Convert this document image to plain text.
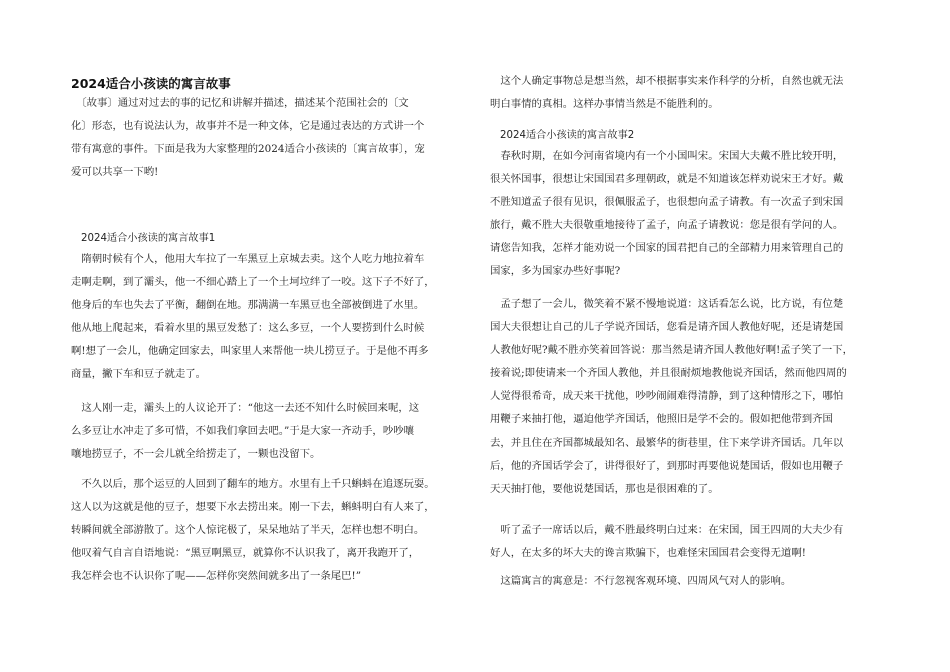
2024适合小孩读的寓言故事
　〔故事〕通过对过去的事的记忆和讲解并描述，描述某个范围社会的〔文
化〕形态，也有说法认为，故事并不是一种文体，它是通过表达的方式讲一个
带有寓意的事件。下面是我为大家整理的2024适合小孩读的〔寓言故事〕，宠
爱可以共享一下哟!
2024适合小孩读的寓言故事1
　隋朝时候有个人，他用大车拉了一车黑豆上京城去卖。这个人吃力地拉着车
走啊走啊，到了灞头，他一不细心踏上了一个土坷垃绊了一咬。这下子不好了，
他身后的车也失去了平衡，翻倒在地。那满满一车黑豆也全部被倒进了水里。
他从地上爬起来，看着水里的黑豆发愁了：这么多豆，一个人要捞到什么时候
啊!想了一会儿，他确定回家去，叫家里人来帮他一块儿捞豆子。于是他不再多
商量，撇下车和豆子就走了。
　这人刚一走，灞头上的人议论开了：“他这一去还不知什么时候回来呢，这
么多豆让水冲走了多可惜，不如我们拿回去吧。”于是大家一齐动手，吵吵嚷
嚷地捞豆子，不一会儿就全给捞走了，一颗也没留下。
　不久以后，那个运豆的人回到了翻车的地方。水里有上千只蝌蚪在追逐玩耍。
这人以为这就是他的豆子，想要下水去捞出来。刚一下去，蝌蚪明白有人来了，
转瞬间就全部游散了。这个人惊诧极了，呆呆地站了半天，怎样也想不明白。
他叹着气自言自语地说：“黑豆啊黑豆，就算你不认识我了，离开我跑开了，
我怎样会也不认识你了呢——怎样你突然间就多出了一条尾巴!”
　这个人确定事物总是想当然，却不根据事实来作科学的分析，自然也就无法
明白事情的真相。这样办事情当然是不能胜利的。
2024适合小孩读的寓言故事2
　春秋时期，在如今河南省境内有一个小国叫宋。宋国大夫戴不胜比较开明，
很关怀国事，很想让宋国国君多理朝政，就是不知道该怎样劝说宋王才好。戴
不胜知道孟子很有见识，很佩服孟子，也很想向孟子请教。有一次孟子到宋国
旅行，戴不胜大夫很敬重地接待了孟子，向孟子请教说：您是很有学问的人。
请您告知我，怎样才能劝说一个国家的国君把自己的全部精力用来管理自己的
国家，多为国家办些好事呢?
　孟子想了一会儿，微笑着不紧不慢地说道：这话看怎么说，比方说，有位楚
国大夫很想让自己的儿子学说齐国话，您看是请齐国人教他好呢，还是请楚国
人教他好呢?戴不胜亦笑着回答说：那当然是请齐国人教他好啊!孟子笑了一下，
接着说;即使请来一个齐国人教他，并且很耐烦地教他说齐国话，然而他四周的
人觉得很希奇，成天来干扰他，吵吵闹闹难得清静，到了这种情形之下，哪怕
用鞭子来抽打他，逼迫他学齐国话，他照旧是学不会的。假如把他带到齐国
去，并且住在齐国都城最知名、最繁华的街巷里，住下来学讲齐国话。几年以
后，他的齐国话学会了，讲得很好了，到那时再要他说楚国话，假如也用鞭子
天天抽打他，要他说楚国话，那也是很困难的了。
　听了孟子一席话以后，戴不胜最终明白过来：在宋国，国王四周的大夫少有
好人，在太多的坏大夫的谗言欺骗下，也难怪宋国国君会变得无道啊!
　这篇寓言的寓意是：不行忽视客观环境、四周风气对人的影响。
